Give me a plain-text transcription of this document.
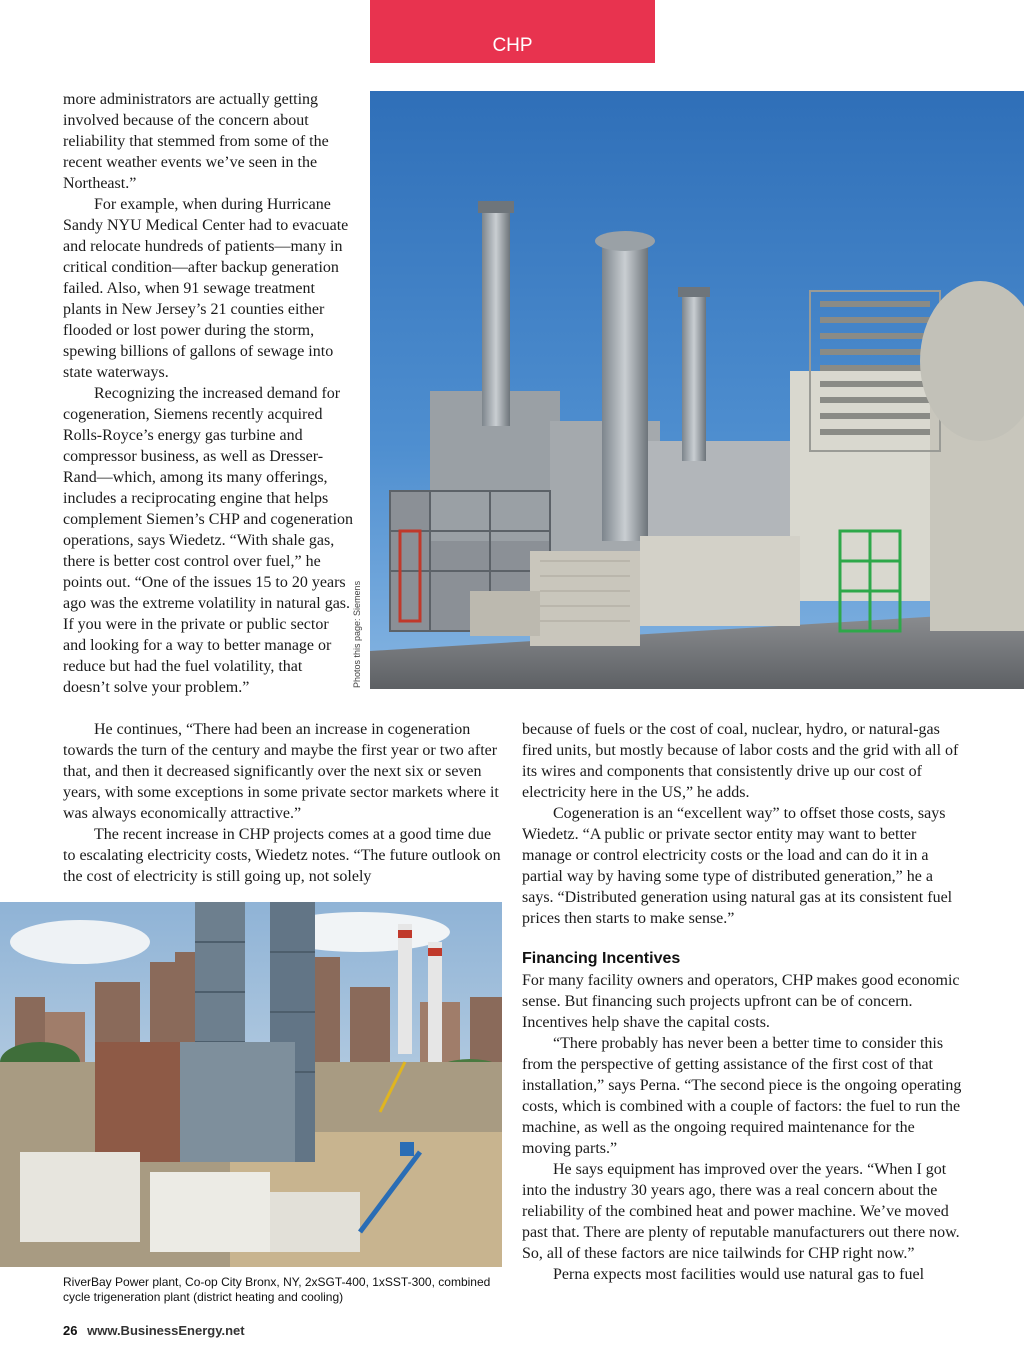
CHP

more administrators are actually getting involved because of the concern about reliability that stemmed from some of the recent weather events we’ve seen in the Northeast.”

For example, when during Hurricane Sandy NYU Medical Center had to evacuate and relocate hundreds of patients—many in critical condition—after backup generation failed. Also, when 91 sewage treatment plants in New Jersey’s 21 counties either flooded or lost power during the storm, spewing billions of gallons of sewage into state waterways.

Recognizing the increased demand for cogeneration, Siemens recently acquired Rolls-Royce’s energy gas turbine and compressor business, as well as Dresser-Rand—which, among its many offerings, includes a reciprocating engine that helps complement Siemen’s CHP and cogeneration operations, says Wiedetz. “With shale gas, there is better cost control over fuel,” he points out. “One of the issues 15 to 20 years ago was the extreme volatility in natural gas. If you were in the private or public sector and looking for a way to better manage or reduce but had the fuel volatility, that doesn’t solve your problem.”	Photos this page: Siemens

He continues, “There had been an increase in cogeneration towards the turn of the century and maybe the first year or two after that, and then it decreased significantly over the next six or seven years, with some exceptions in some private sector markets where it was always economically attractive.”

The recent increase in CHP projects comes at a good time due to escalating electricity costs, Wiedetz notes. “The future outlook on the cost of electricity is still going up, not solely

because of fuels or the cost of coal, nuclear, hydro, or natural-gas fired units, but mostly because of labor costs and the grid with all of its wires and components that consistently drive up our cost of electricity here in the US,” he adds.

Cogeneration is an “excellent way” to offset those costs, says Wiedetz. “A public or private sector entity may want to better manage or control electricity costs or the load and can do it in a partial way by having some type of distributed generation,” he a says. “Distributed generation using natural gas at its consistent fuel prices then starts to make sense.”

Financing Incentives

For many facility owners and operators, CHP makes good economic sense. But financing such projects upfront can be of concern. Incentives help shave the capital costs.

“There probably has never been a better time to consider this from the perspective of getting assistance of the first cost of that installation,” says Perna. “The second piece is the ongoing operating costs, which is combined with a couple of factors: the fuel to run the machine, as well as the ongoing required maintenance for the moving parts.”

He says equipment has improved over the years. “When I got into the industry 30 years ago, there was a real concern about the reliability of the combined heat and power machine. We’ve moved past that. There are plenty of reputable manufacturers out there now. So, all of these factors are nice tailwinds for CHP right now.”

Perna expects most facilities would use natural gas to fuel

RiverBay Power plant, Co-op City Bronx, NY, 2xSGT-400, 1xSST-300, combined cycle trigeneration plant (district heating and cooling)
26 www.BusinessEnergy.net
